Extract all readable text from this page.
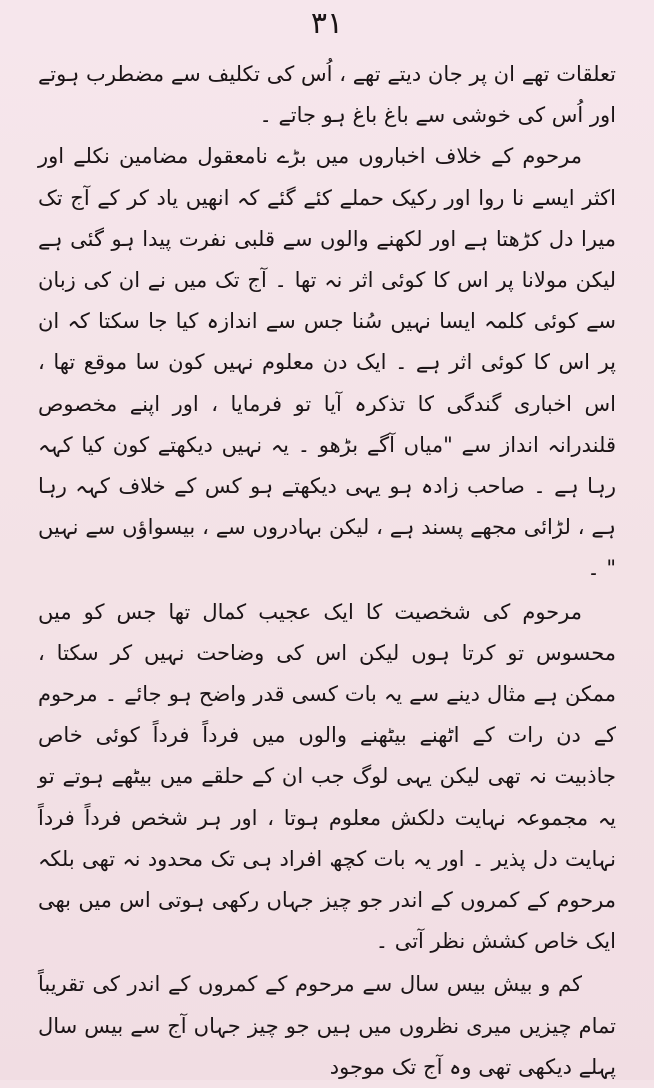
۳۱

تعلقات تھے ان پر جان دیتے تھے ، اُس کی تکلیف سے مضطرب ہوتے اور اُس کی خوشی سے باغ باغ ہو جاتے ۔

مرحوم کے خلاف اخباروں میں بڑے نامعقول مضامین نکلے اور اکثر ایسے نا روا اور رکیک حملے کئے گئے کہ انھیں یاد کر کے آج تک میرا دل کڑھتا ہے اور لکھنے والوں سے قلبی نفرت پیدا ہو گئی ہے لیکن مولانا پر اس کا کوئی اثر نہ تھا ۔ آج تک میں نے ان کی زبان سے کوئی کلمہ ایسا نہیں سُنا جس سے اندازہ کیا جا سکتا کہ ان پر اس کا کوئی اثر ہے ۔ ایک دن معلوم نہیں کون سا موقع تھا ، اس اخباری گندگی کا تذکرہ آیا تو فرمایا ، اور اپنے مخصوص قلندرانہ انداز سے "میاں آگے بڑھو ۔ یہ نہیں دیکھتے کون کیا کہہ رہا ہے ۔ صاحب زادہ ہو یہی دیکھتے ہو کس کے خلاف کہہ رہا ہے ، لڑائی مجھے پسند ہے ، لیکن بہادروں سے ، بیسواؤں سے نہیں " ۔

مرحوم کی شخصیت کا ایک عجیب کمال تھا جس کو میں محسوس تو کرتا ہوں لیکن اس کی وضاحت نہیں کر سکتا ، ممکن ہے مثال دینے سے یہ بات کسی قدر واضح ہو جائے ۔ مرحوم کے دن رات کے اٹھنے بیٹھنے والوں میں فرداً فرداً کوئی خاص جاذبیت نہ تھی لیکن یہی لوگ جب ان کے حلقے میں بیٹھے ہوتے تو یہ مجموعہ نہایت دلکش معلوم ہوتا ، اور ہر شخص فرداً فرداً نہایت دل پذیر ۔ اور یہ بات کچھ افراد ہی تک محدود نہ تھی بلکہ مرحوم کے کمروں کے اندر جو چیز جہاں رکھی ہوتی اس میں بھی ایک خاص کشش نظر آتی ۔

کم و بیش بیس سال سے مرحوم کے کمروں کے اندر کی تقریباً تمام چیزیں میری نظروں میں ہیں جو چیز جہاں آج سے بیس سال پہلے دیکھی تھی وہ آج تک موجود
